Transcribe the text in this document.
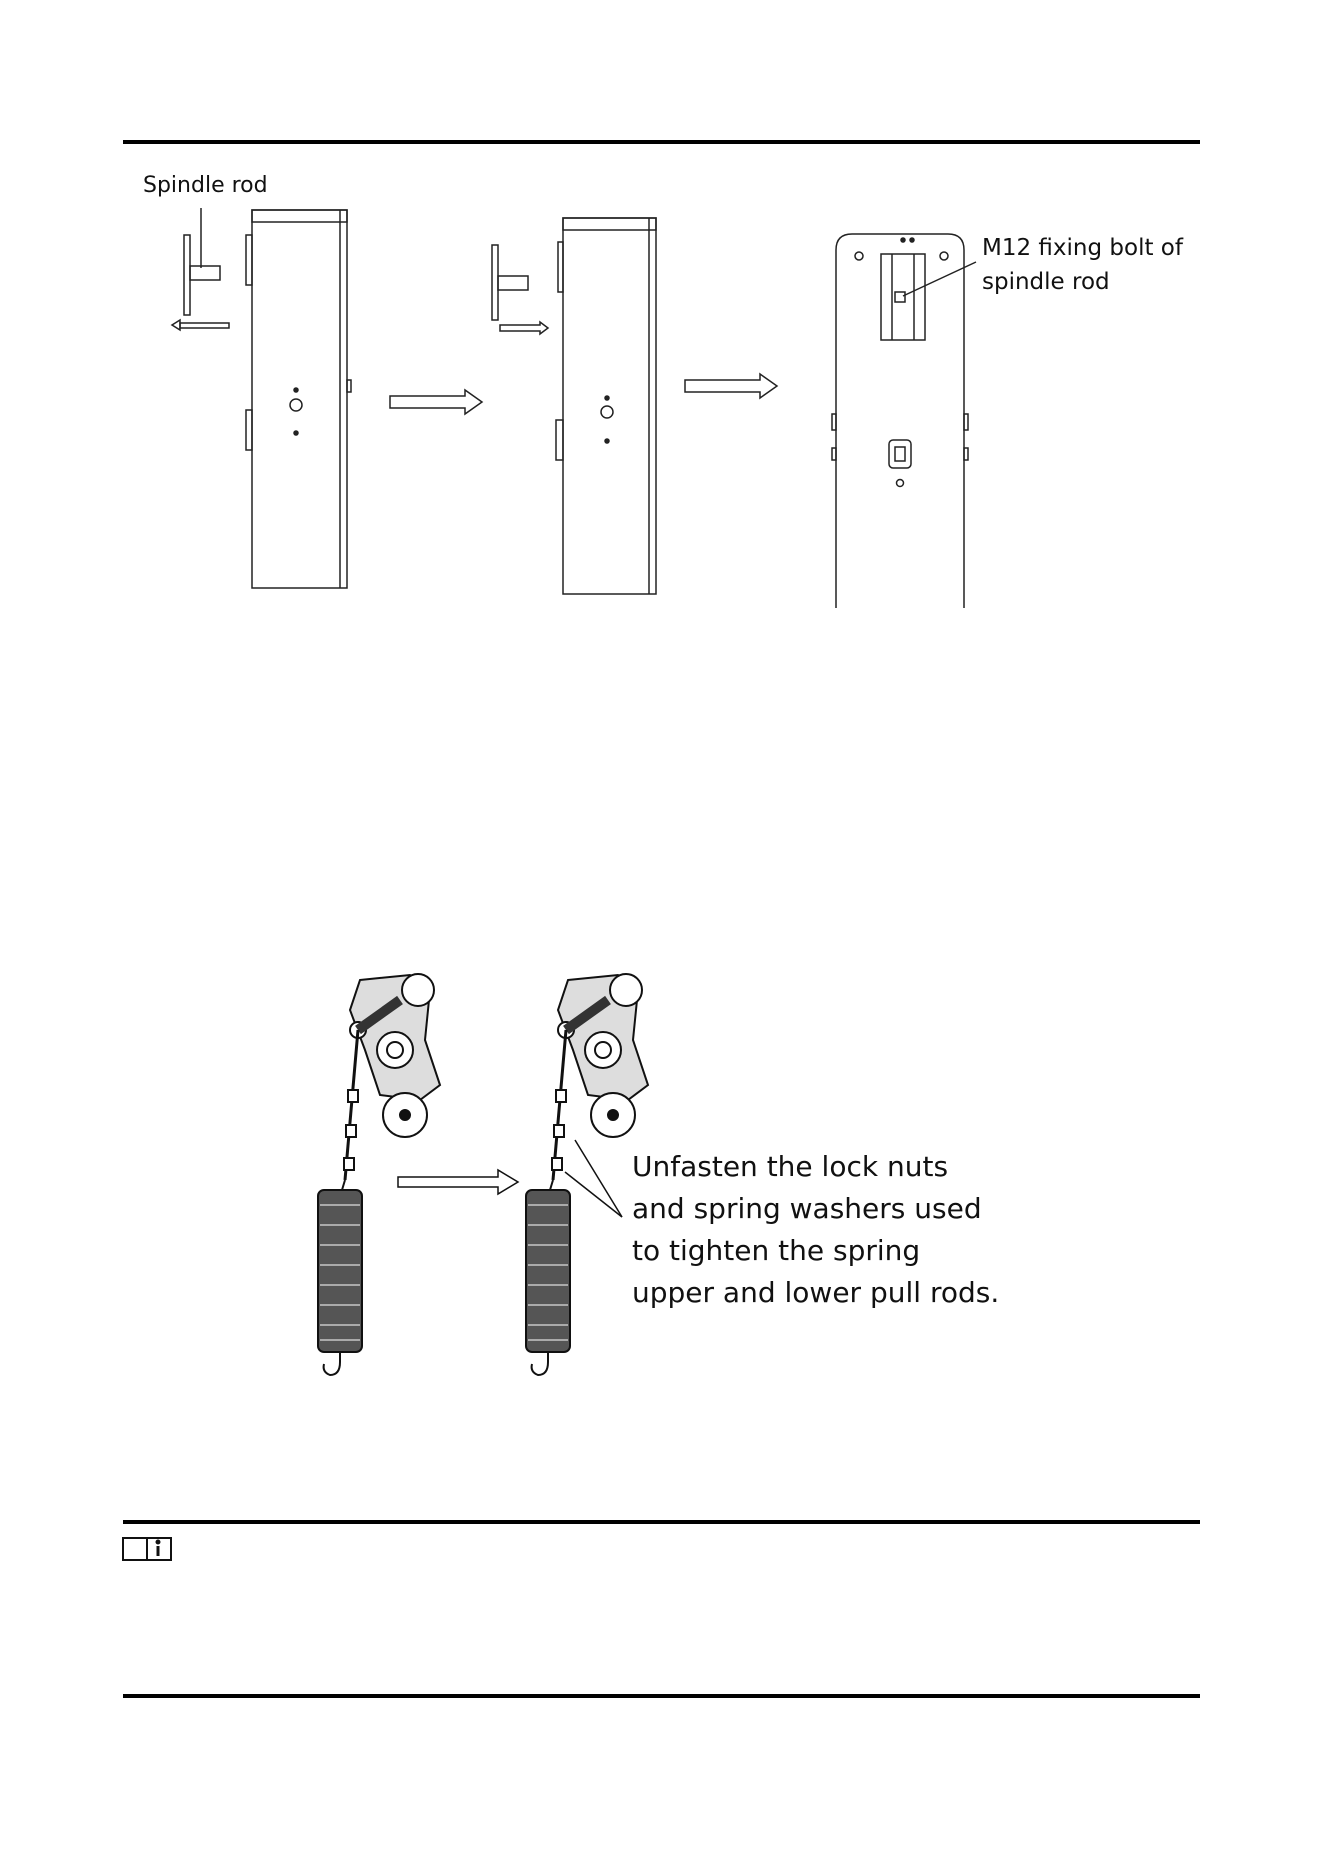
Spindle rod
M12 fixing bolt of
spindle rod
Unfasten the lock nuts
and spring washers used
to tighten the spring
upper and lower pull rods.
